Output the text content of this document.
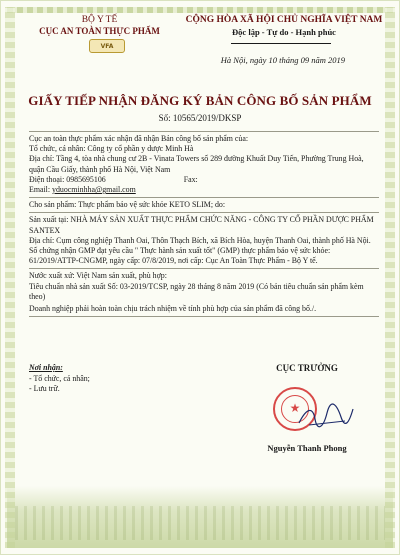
BỘ Y TẾ
CỤC AN TOÀN THỰC PHẨM
VFA
CỘNG HÒA XÃ HỘI CHỦ NGHĨA VIỆT NAM
Độc lập - Tự do - Hạnh phúc
Hà Nội, ngày 10 tháng 09 năm 2019
GIẤY TIẾP NHẬN ĐĂNG KÝ BẢN CÔNG BỐ SẢN PHẨM
Số: 10565/2019/DKSP
Cục an toàn thực phẩm xác nhận đã nhận Bản công bố sản phẩm của:
Tổ chức, cá nhân: Công ty cổ phần y dược Minh Hà
Địa chỉ: Tầng 4, tòa nhà chung cư 2B - Vinata Towers số 289 đường Khuất Duy Tiến, Phường Trung Hoà, quận Cầu Giấy, thành phố Hà Nội, Việt Nam
Điện thoại: 0985695106	Fax:
Email: yduocminhha@gmail.com
Cho sản phẩm: Thực phẩm bảo vệ sức khỏe KETO SLIM; do:
Sản xuất tại: NHÀ MÁY SẢN XUẤT THỰC PHẨM CHỨC NĂNG - CÔNG TY CỔ PHẦN DƯỢC PHẨM SANTEX
Địa chỉ: Cụm công nghiệp Thanh Oai, Thôn Thạch Bích, xã Bích Hòa, huyện Thanh Oai, thành phố Hà Nội.
Số chứng nhận GMP đạt yêu cầu " Thực hành sản xuất tốt" (GMP) thực phẩm bảo vệ sức khỏe: 61/2019/ATTP-CNGMP, ngày cấp: 07/8/2019, nơi cấp: Cục An Toàn Thực Phẩm - Bộ Y tế.
Nước xuất xứ: Việt Nam sản xuất, phù hợp:
Tiêu chuẩn nhà sản xuất Số: 03-2019/TCSP, ngày 28 tháng 8 năm 2019 (Có bản tiêu chuẩn sản phẩm kèm theo)
Doanh nghiệp phải hoàn toàn chịu trách nhiệm về tính phù hợp của sản phẩm đã công bố./.
Nơi nhận:
- Tổ chức, cá nhân;
- Lưu trữ.
CỤC TRƯỞNG
★
Nguyễn Thanh Phong
